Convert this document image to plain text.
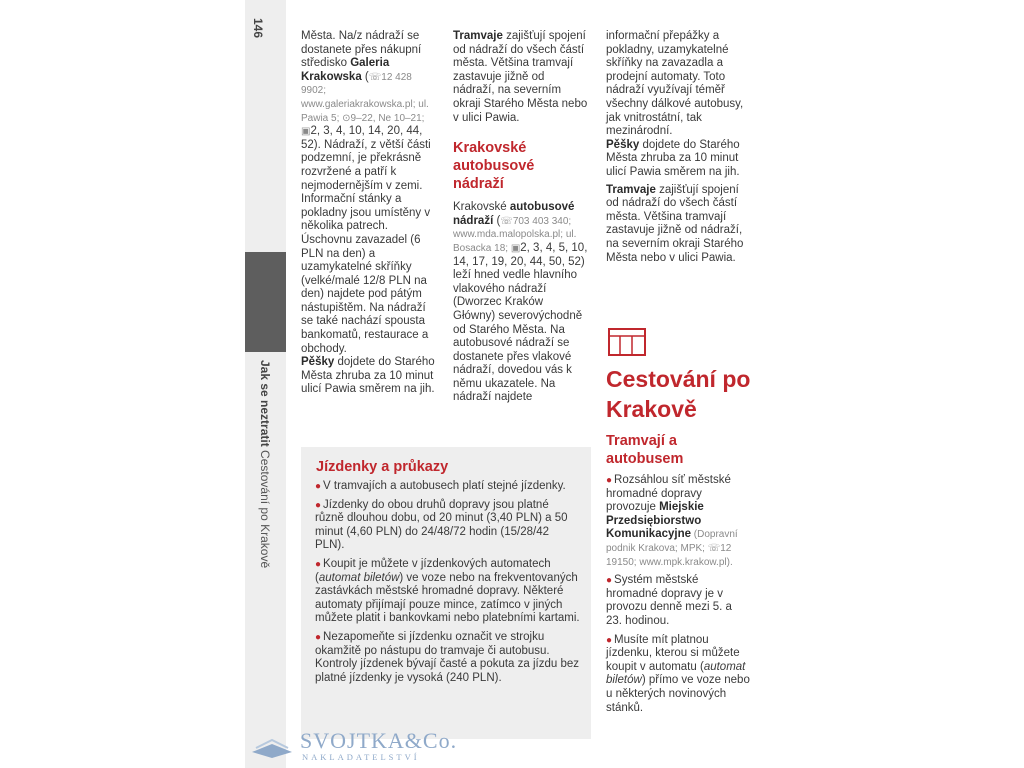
146
Jak se neztratit Cestování po Krakově

Města. Na/z nádraží se dostanete přes nákupní středisko Galeria Krakowska (☏12 428 9902; www.galeriakrakowska.pl; ul. Pawia 5; ⊙9–22, Ne 10–21; ▣2, 3, 4, 10, 14, 20, 44, 52). Nádraží, z větší části podzemní, je překrásně rozvržené a patří k nejmodernějším v zemi. Informační stánky a pokladny jsou umístěny v několika patrech. Úschovnu zavazadel (6 PLN na den) a uzamykatelné skříňky (velké/malé 12/8 PLN na den) najdete pod pátým nástupištěm. Na nádraží se také nachází spousta bankomatů, restaurace a obchody.

Pěšky dojdete do Starého Města zhruba za 10 minut ulicí Pawia směrem na jih.

Tramvaje zajišťují spojení od nádraží do všech částí města. Většina tramvají zastavuje jižně od nádraží, na severním okraji Starého Města nebo v ulici Pawia.

Krakovské autobusové nádraží

Krakovské autobusové nádraží (☏703 403 340; www.mda.malopolska.pl; ul. Bosacka 18; ▣2, 3, 4, 5, 10, 14, 17, 19, 20, 44, 50, 52) leží hned vedle hlavního vlakového nádraží (Dworzec Kraków Główny) severovýchodně od Starého Města. Na autobusové nádraží se dostanete přes vlakové nádraží, dovedou vás k němu ukazatele. Na nádraží najdete

informační přepážky a pokladny, uzamykatelné skříňky na zavazadla a prodejní automaty. Toto nádraží využívají téměř všechny dálkové autobusy, jak vnitrostátní, tak mezinárodní.

Pěšky dojdete do Starého Města zhruba za 10 minut ulicí Pawia směrem na jih.

Tramvaje zajišťují spojení od nádraží do všech částí města. Většina tramvají zastavuje jižně od nádraží, na severním okraji Starého Města nebo v ulici Pawia.

Cestování po Krakově

Tramvají a autobusem

● Rozsáhlou síť městské hromadné dopravy provozuje Miejskie Przedsiębiorstwo Komunikacyjne (Dopravní podnik Krakova; MPK; ☏12 19150; www.mpk.krakow.pl).

● Systém městské hromadné dopravy je v provozu denně mezi 5. a 23. hodinou.

● Musíte mít platnou jízdenku, kterou si můžete koupit v automatu (automat biletów) přímo ve voze nebo u některých novinových stánků.

Jízdenky a průkazy
● V tramvajích a autobusech platí stejné jízdenky.
● Jízdenky do obou druhů dopravy jsou platné různě dlouhou dobu, od 20 minut (3,40 PLN) a 50 minut (4,60 PLN) do 24/48/72 hodin (15/28/42 PLN).
● Koupit je můžete v jízdenkových automatech (automat biletów) ve voze nebo na frekventovaných zastávkách městské hromadné dopravy. Některé automaty přijímají pouze mince, zatímco v jiných můžete platit i bankovkami nebo platebními kartami.
● Nezapomeňte si jízdenku označit ve strojku okamžitě po nástupu do tramvaje či autobusu. Kontroly jízdenek bývají časté a pokuta za jízdu bez platné jízdenky je vysoká (240 PLN).
SVOJTKA&Co.
NAKLADATELSTVÍ
